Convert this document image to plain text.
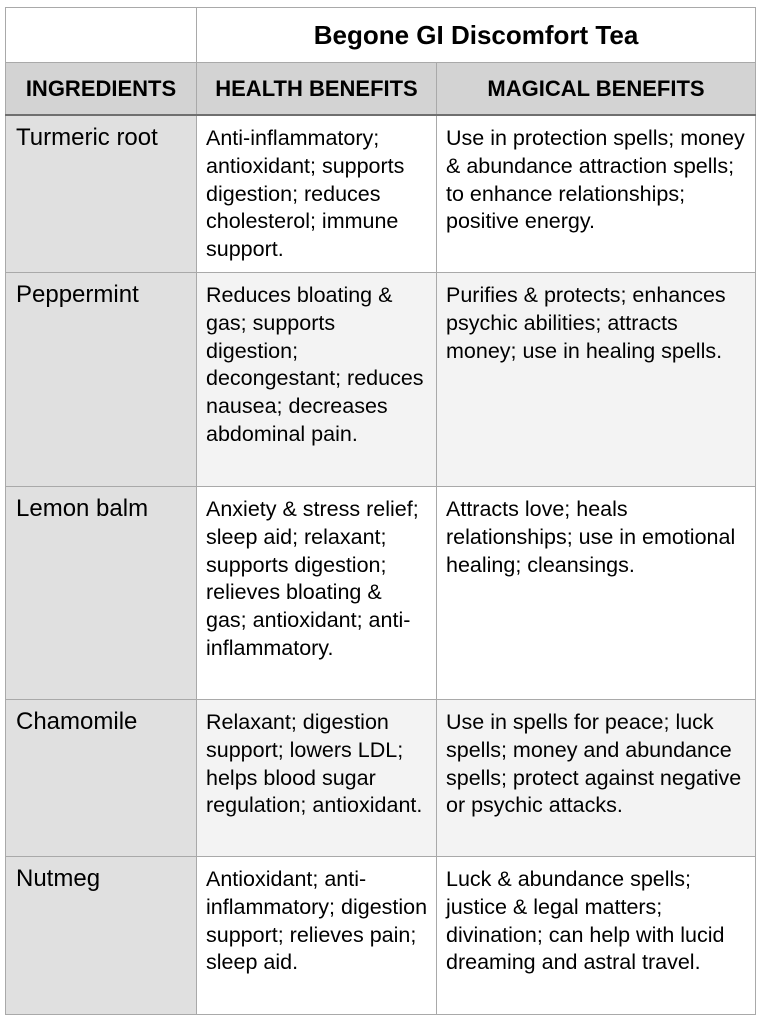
	Begone GI Discomfort Tea	
INGREDIENTS	HEALTH BENEFITS	MAGICAL BENEFITS
Turmeric root	Anti-inflammatory; antioxidant; supports digestion; reduces cholesterol; immune support.	Use in protection spells; money & abundance attraction spells; to enhance relationships; positive energy.
Peppermint	Reduces bloating & gas; supports digestion; decongestant; reduces nausea; decreases abdominal pain.	Purifies & protects; enhances psychic abilities; attracts money; use in healing spells.
Lemon balm	Anxiety & stress relief; sleep aid; relaxant; supports digestion; relieves bloating & gas; antioxidant; anti-inflammatory.	Attracts love; heals relationships; use in emotional healing; cleansings.
Chamomile	Relaxant; digestion support; lowers LDL; helps blood sugar regulation; antioxidant.	Use in spells for peace; luck spells; money and abundance spells; protect against negative or psychic attacks.
Nutmeg	Antioxidant; anti-inflammatory; digestion support; relieves pain; sleep aid.	Luck & abundance spells; justice & legal matters; divination; can help with lucid dreaming and astral travel.
